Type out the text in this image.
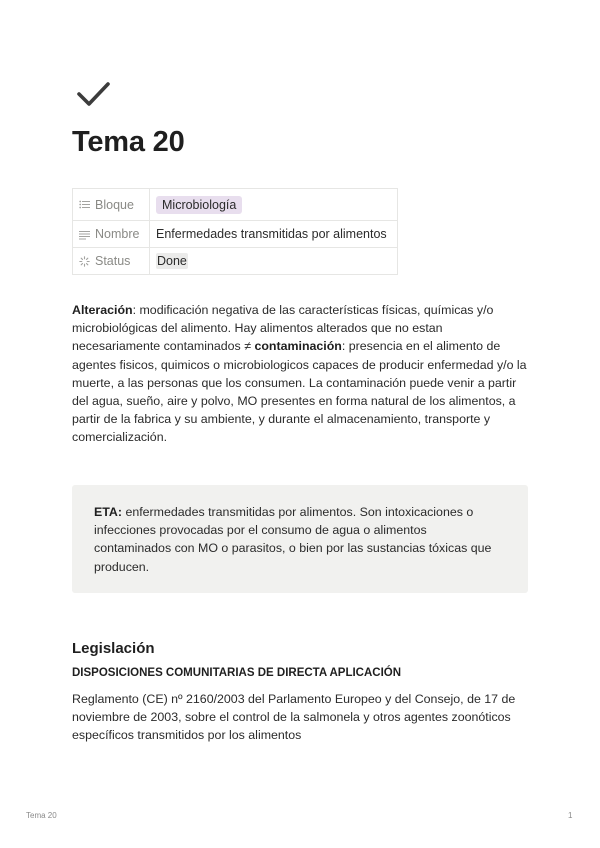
Tema 20
Bloque	Microbiología

Nombre	Enfermedades transmitidas por alimentos

Status	Done

Alteración: modificación negativa de las características físicas, químicas y/o microbiológicas del alimento. Hay alimentos alterados que no estan necesariamente contaminados ≠ contaminación: presencia en el alimento de agentes fisicos, quimicos o microbiologicos capaces de producir enfermedad y/o la muerte, a las personas que los consumen. La contaminación puede venir a partir del agua, sueño, aire y polvo, MO presentes en forma natural de los alimentos, a partir de la fabrica y su ambiente, y durante el almacenamiento, transporte y comercialización.

ETA: enfermedades transmitidas por alimentos. Son intoxicaciones o infecciones provocadas por el consumo de agua o alimentos contaminados con MO o parasitos, o bien por las sustancias tóxicas que producen.

Legislación
DISPOSICIONES COMUNITARIAS DE DIRECTA APLICACIÓN

Reglamento (CE) nº 2160/2003 del Parlamento Europeo y del Consejo, de 17 de noviembre de 2003, sobre el control de la salmonela y otros agentes zoonóticos específicos transmitidos por los alimentos

Tema 20	1
